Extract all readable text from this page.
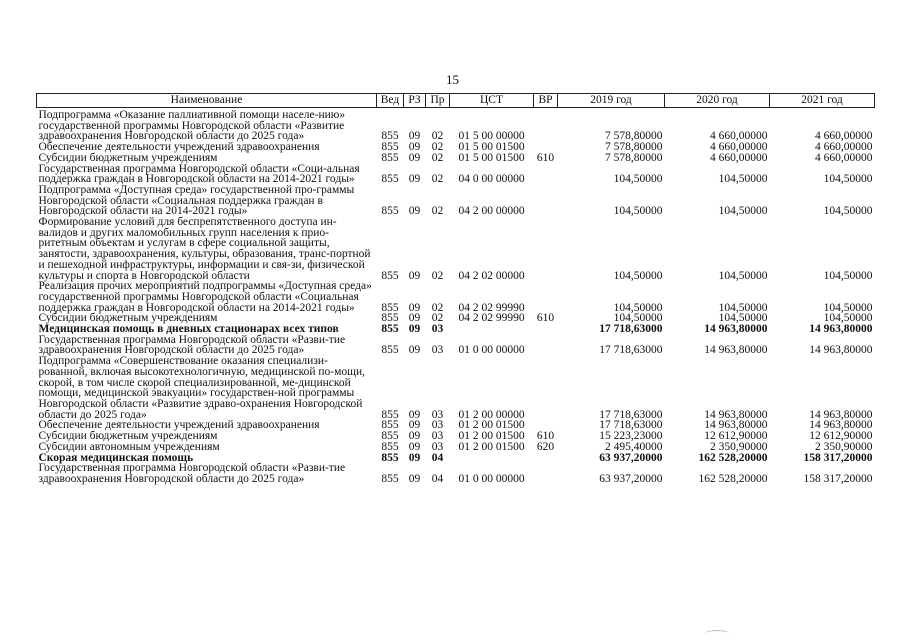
15
Наименование	Вед	РЗ	Пр	ЦСТ	ВР	2019 год	2020 год	2021 год

Подпрограмма «Оказание паллиативной помощи населе-нию» государственной программы Новгородской области «Развитие здравоохранения Новгородской области до 2025 года»	855	09	02	01 5 00 00000		7 578,80000	4 660,00000	4 660,00000
Обеспечение деятельности учреждений здравоохранения	855	09	02	01 5 00 01500		7 578,80000	4 660,00000	4 660,00000
Субсидии бюджетным учреждениям	855	09	02	01 5 00 01500	610	7 578,80000	4 660,00000	4 660,00000
Государственная программа Новгородской области «Соци-альная поддержка граждан в Новгородской области на 2014-2021 годы»	855	09	02	04 0 00 00000		104,50000	104,50000	104,50000
Подпрограмма «Доступная среда» государственной про-граммы Новгородской области «Социальная поддержка граждан в Новгородской области на 2014-2021 годы»	855	09	02	04 2 00 00000		104,50000	104,50000	104,50000
Формирование условий для беспрепятственного доступа ин-валидов и других маломобильных групп населения к прио-ритетным объектам и услугам в сфере социальной защиты, занятости, здравоохранения, культуры, образования, транс-портной и пешеходной инфраструктуры, информации и свя-зи, физической культуры и спорта в Новгородской области	855	09	02	04 2 02 00000		104,50000	104,50000	104,50000
Реализация прочих мероприятий подпрограммы «Доступная среда» государственной программы Новгородской области «Социальная поддержка граждан в Новгородской области на 2014-2021 годы»	855	09	02	04 2 02 99990		104,50000	104,50000	104,50000
Субсидии бюджетным учреждениям	855	09	02	04 2 02 99990	610	104,50000	104,50000	104,50000
Медицинская помощь в дневных стационарах всех типов	855	09	03			17 718,63000	14 963,80000	14 963,80000
Государственная программа Новгородской области «Разви-тие здравоохранения Новгородской области до 2025 года»	855	09	03	01 0 00 00000		17 718,63000	14 963,80000	14 963,80000
Подпрограмма «Совершенствование оказания специализи-рованной, включая высокотехнологичную, медицинской по-мощи, скорой, в том числе скорой специализированной, ме-дицинской помощи, медицинской эвакуации» государствен-ной программы Новгородской области «Развитие здраво-охранения Новгородской области до 2025 года»	855	09	03	01 2 00 00000		17 718,63000	14 963,80000	14 963,80000
Обеспечение деятельности учреждений здравоохранения	855	09	03	01 2 00 01500		17 718,63000	14 963,80000	14 963,80000
Субсидии бюджетным учреждениям	855	09	03	01 2 00 01500	610	15 223,23000	12 612,90000	12 612,90000
Субсидии автономным учреждениям	855	09	03	01 2 00 01500	620	2 495,40000	2 350,90000	2 350,90000
Скорая медицинская помощь	855	09	04			63 937,20000	162 528,20000	158 317,20000
Государственная программа Новгородской области «Разви-тие здравоохранения Новгородской области до 2025 года»	855	09	04	01 0 00 00000		63 937,20000	162 528,20000	158 317,20000
